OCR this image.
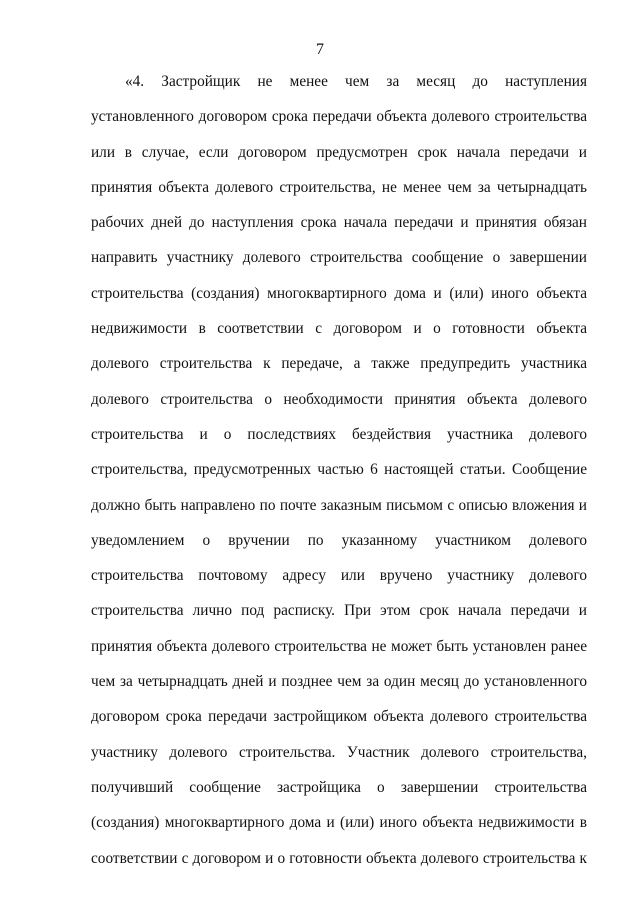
7
«4. Застройщик не менее чем за месяц до наступления
установленного договором срока передачи объекта долевого строительства
или в случае, если договором предусмотрен срок начала передачи и
принятия объекта долевого строительства, не менее чем за четырнадцать
рабочих дней до наступления срока начала передачи и принятия обязан
направить участнику долевого строительства сообщение о завершении
строительства (создания) многоквартирного дома и (или) иного объекта
недвижимости в соответствии с договором и о готовности объекта
долевого строительства к передаче, а также предупредить участника
долевого строительства о необходимости принятия объекта долевого
строительства и о последствиях бездействия участника долевого
строительства, предусмотренных частью 6 настоящей статьи. Сообщение
должно быть направлено по почте заказным письмом с описью вложения и
уведомлением о вручении по указанному участником долевого
строительства почтовому адресу или вручено участнику долевого
строительства лично под расписку. При этом срок начала передачи и
принятия объекта долевого строительства не может быть установлен ранее
чем за четырнадцать дней и позднее чем за один месяц до установленного
договором срока передачи застройщиком объекта долевого строительства
участнику долевого строительства. Участник долевого строительства,
получивший сообщение застройщика о завершении строительства
(создания) многоквартирного дома и (или) иного объекта недвижимости в
соответствии с договором и о готовности объекта долевого строительства к
